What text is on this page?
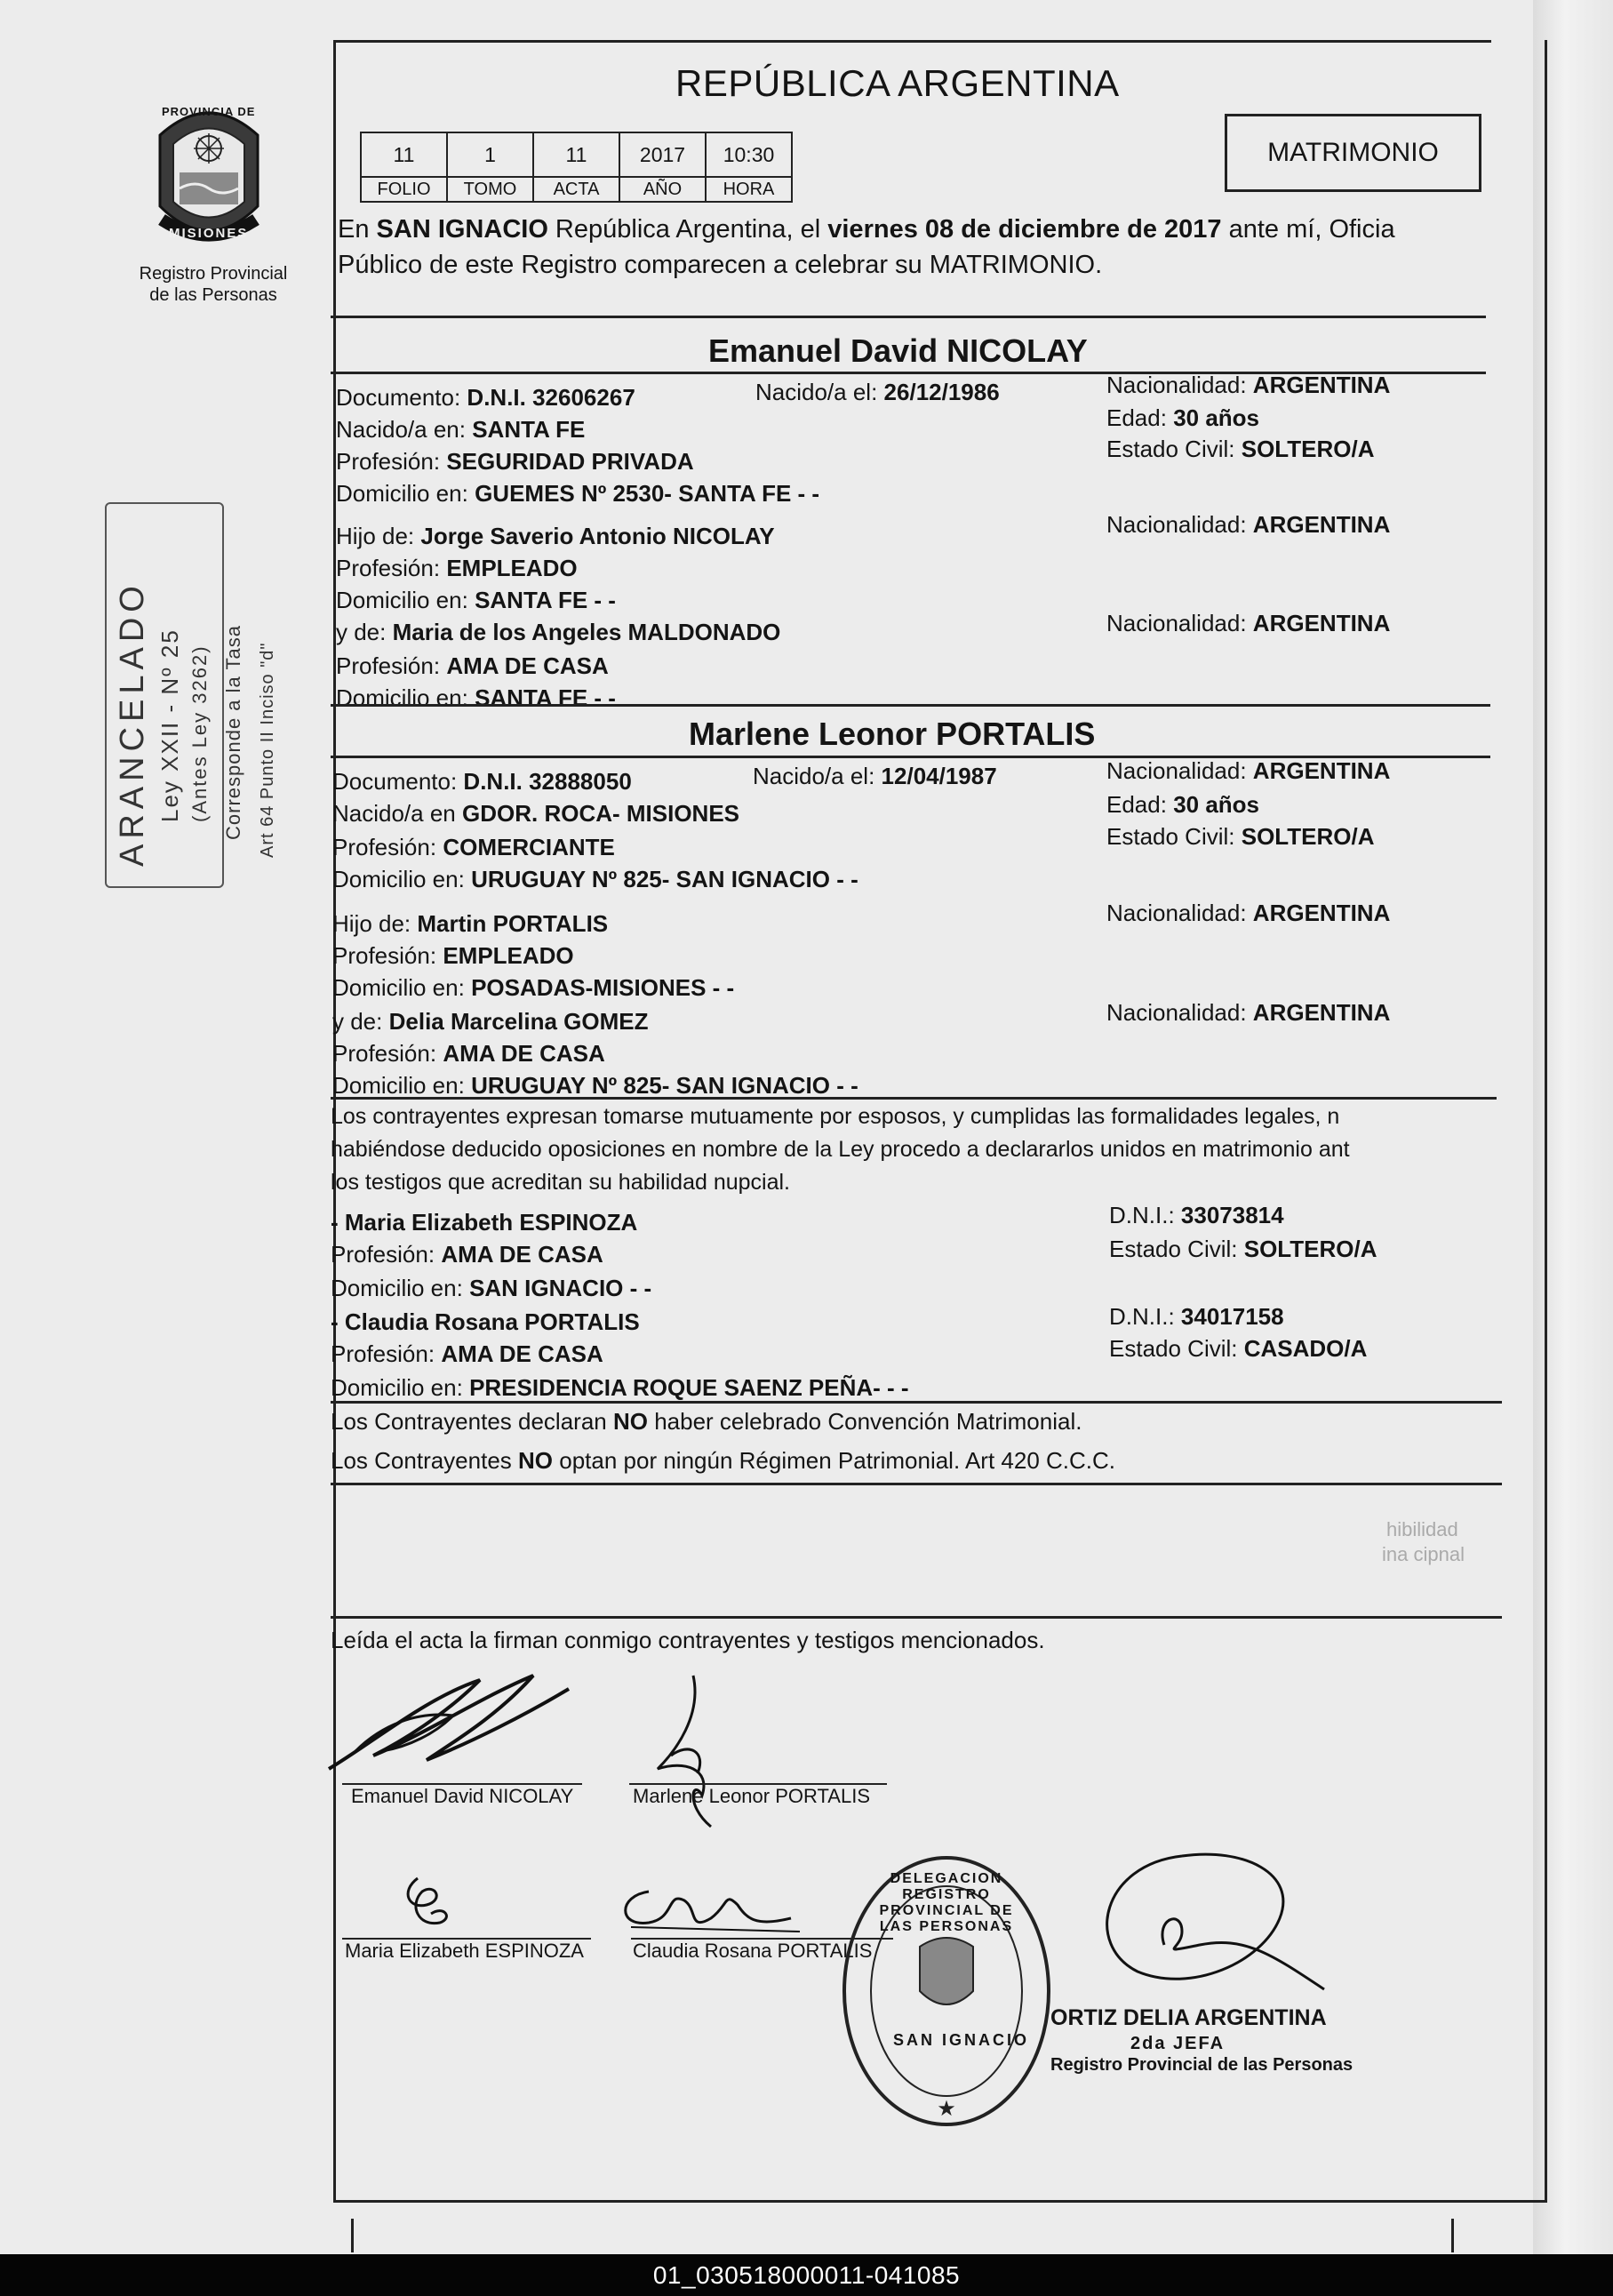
PROVINCIA DE
MISIONES
Registro Provincial
de las Personas
ARANCELADO Ley XXII - Nº 25 (Antes Ley 3262) Corresponde a la Tasa Art 64 Punto II Inciso "d"
REPÚBLICA ARGENTINA
11	1	11	2017	10:30
FOLIO	TOMO	ACTA	AÑO	HORA
MATRIMONIO
En SAN IGNACIO República Argentina, el viernes 08 de diciembre de 2017 ante mí, Oficia
Público de este Registro comparecen a celebrar su MATRIMONIO.
Emanuel David NICOLAY
Documento: D.N.I. 32606267	Nacido/a el: 26/12/1986	Nacionalidad: ARGENTINA
Nacido/a en: SANTA FE	Edad: 30 años
Profesión: SEGURIDAD PRIVADA	Estado Civil: SOLTERO/A
Domicilio en: GUEMES Nº 2530- SANTA FE - -
Hijo de: Jorge Saverio Antonio NICOLAY	Nacionalidad: ARGENTINA
Profesión: EMPLEADO
Domicilio en: SANTA FE - -
y de: Maria de los Angeles MALDONADO	Nacionalidad: ARGENTINA
Profesión: AMA DE CASA
Domicilio en: SANTA FE - -
Marlene Leonor PORTALIS
Documento: D.N.I. 32888050	Nacido/a el: 12/04/1987	Nacionalidad: ARGENTINA
Nacido/a en GDOR. ROCA- MISIONES	Edad: 30 años
Profesión: COMERCIANTE	Estado Civil: SOLTERO/A
Domicilio en: URUGUAY Nº 825- SAN IGNACIO - -
Hijo de: Martin PORTALIS	Nacionalidad: ARGENTINA
Profesión: EMPLEADO
Domicilio en: POSADAS-MISIONES - -
y de: Delia Marcelina GOMEZ	Nacionalidad: ARGENTINA
Profesión: AMA DE CASA
Domicilio en: URUGUAY Nº 825- SAN IGNACIO - -
Los contrayentes expresan tomarse mutuamente por esposos, y cumplidas las formalidades legales, n
habiéndose deducido oposiciones en nombre de la Ley procedo a declararlos unidos en matrimonio ant
los testigos que acreditan su habilidad nupcial.
- Maria Elizabeth ESPINOZA	D.N.I.: 33073814
Profesión: AMA DE CASA	Estado Civil: SOLTERO/A
Domicilio en: SAN IGNACIO - -
- Claudia Rosana PORTALIS	D.N.I.: 34017158
Profesión: AMA DE CASA	Estado Civil: CASADO/A
Domicilio en: PRESIDENCIA ROQUE SAENZ PEÑA- - -
Los Contrayentes declaran NO haber celebrado Convención Matrimonial.
Los Contrayentes NO optan por ningún Régimen Patrimonial. Art 420 C.C.C.
hibilidad
ina cipnal
Leída el acta la firman conmigo contrayentes y testigos mencionados.
Emanuel David NICOLAY	Marlene Leonor PORTALIS
Maria Elizabeth ESPINOZA	Claudia Rosana PORTALIS
★
DELEGACION REGISTRO PROVINCIAL DE LAS PERSONAS
SAN IGNACIO
ORTIZ DELIA ARGENTINA
2da JEFA
Registro Provincial de las Personas
01_030518000011-041085
